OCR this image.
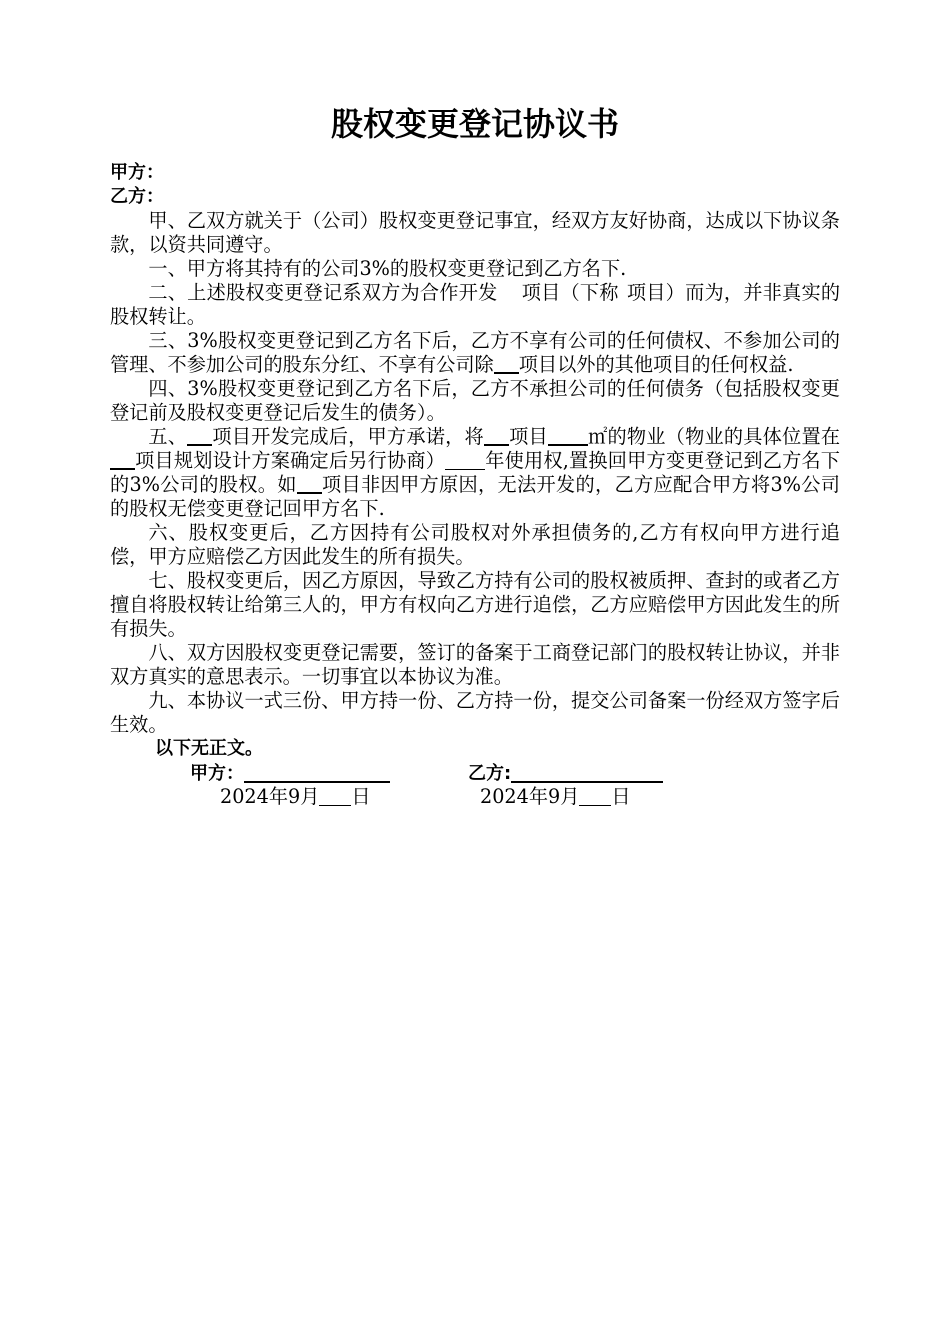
股权变更登记协议书
甲方：
乙方：

甲、乙双方就关于（公司）股权变更登记事宜，经双方友好协商，达成以下协议条款，以资共同遵守。

一、甲方将其持有的公司3%的股权变更登记到乙方名下.

二、上述股权变更登记系双方为合作开发 项目（下称 项目）而为，并非真实的股权转让。

三、3%股权变更登记到乙方名下后，乙方不享有公司的任何债权、不参加公司的管理、不参加公司的股东分红、不享有公司除 项目以外的其他项目的任何权益.

四、3%股权变更登记到乙方名下后，乙方不承担公司的任何债务（包括股权变更登记前及股权变更登记后发生的债务）。

五、 项目开发完成后，甲方承诺，将 项目 ㎡的物业（物业的具体位置在项目规划设计方案确定后另行协商） 年使用权,置换回甲方变更登记到乙方名下的3%公司的股权。如 项目非因甲方原因，无法开发的，乙方应配合甲方将3%公司的股权无偿变更登记回甲方名下.

六、股权变更后，乙方因持有公司股权对外承担债务的,乙方有权向甲方进行追偿，甲方应赔偿乙方因此发生的所有损失。

七、股权变更后，因乙方原因，导致乙方持有公司的股权被质押、查封的或者乙方擅自将股权转让给第三人的，甲方有权向乙方进行追偿，乙方应赔偿甲方因此发生的所有损失。

八、双方因股权变更登记需要，签订的备案于工商登记部门的股权转让协议，并非双方真实的意思表示。一切事宜以本协议为准。

九、本协议一式三份、甲方持一份、乙方持一份，提交公司备案一份经双方签字后生效。

以下无正文。
甲方：	乙方:
2024年9月 日	2024年9月 日
